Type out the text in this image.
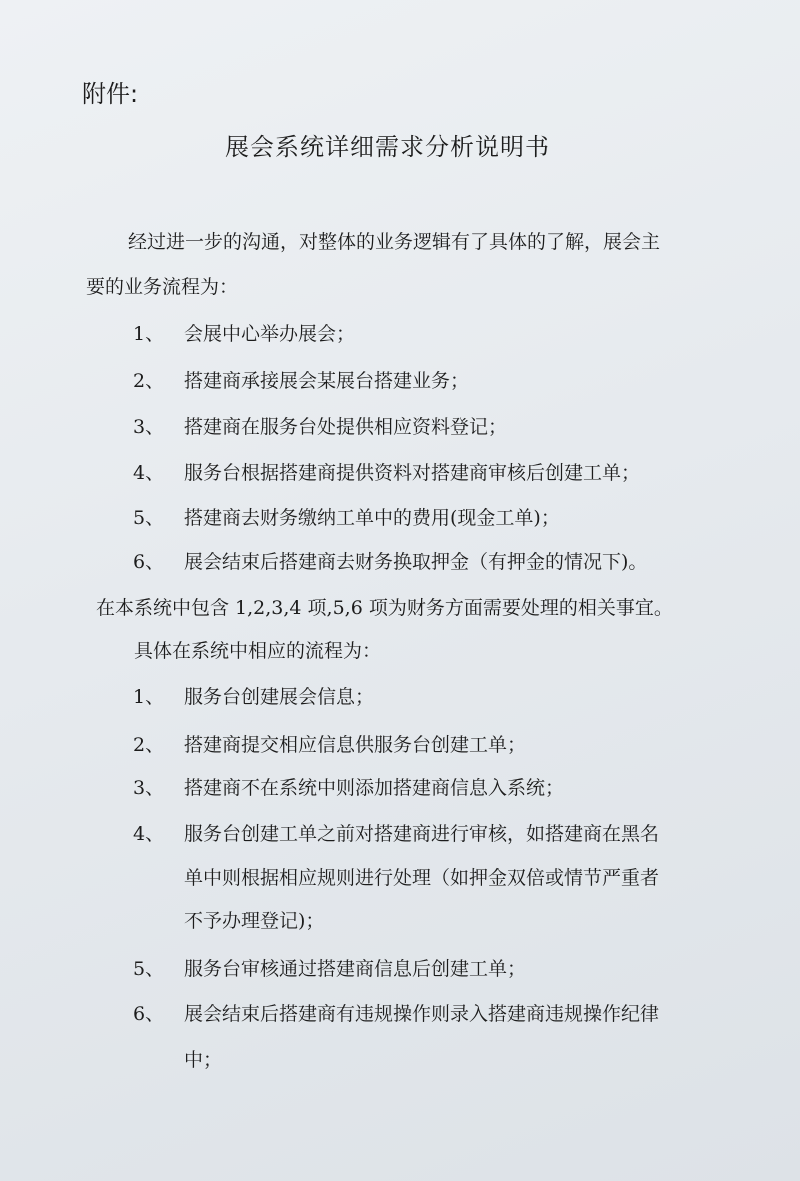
附件:
展会系统详细需求分析说明书
经过进一步的沟通，对整体的业务逻辑有了具体的了解，展会主
要的业务流程为：
1、 会展中心举办展会；
2、 搭建商承接展会某展台搭建业务；
3、 搭建商在服务台处提供相应资料登记；
4、 服务台根据搭建商提供资料对搭建商审核后创建工单；
5、 搭建商去财务缴纳工单中的费用(现金工单)；
6、 展会结束后搭建商去财务换取押金（有押金的情况下)。
在本系统中包含 1,2,3,4 项,5,6 项为财务方面需要处理的相关事宜。
具体在系统中相应的流程为：
1、 服务台创建展会信息；
2、 搭建商提交相应信息供服务台创建工单；
3、 搭建商不在系统中则添加搭建商信息入系统；
4、 服务台创建工单之前对搭建商进行审核，如搭建商在黑名
单中则根据相应规则进行处理（如押金双倍或情节严重者
不予办理登记)；
5、 服务台审核通过搭建商信息后创建工单；
6、 展会结束后搭建商有违规操作则录入搭建商违规操作纪律
中；
